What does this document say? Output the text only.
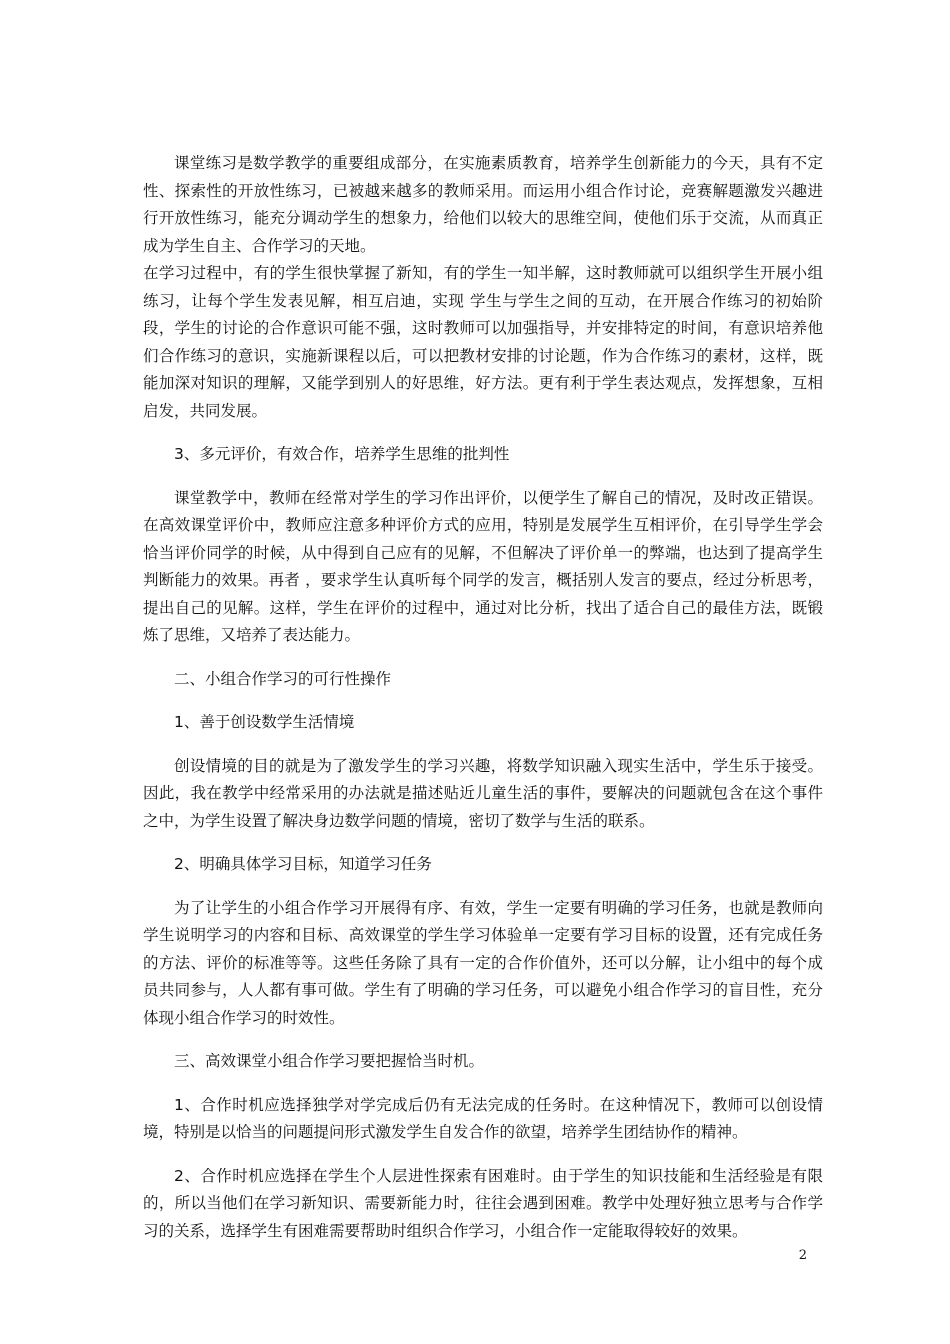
课堂练习是数学教学的重要组成部分，在实施素质教育，培养学生创新能力的今天，具有不定性、探索性的开放性练习，已被越来越多的教师采用。而运用小组合作讨论，竞赛解题激发兴趣进行开放性练习，能充分调动学生的想象力，给他们以较大的思维空间，使他们乐于交流，从而真正成为学生自主、合作学习的天地。

在学习过程中，有的学生很快掌握了新知，有的学生一知半解，这时教师就可以组织学生开展小组练习，让每个学生发表见解，相互启迪，实现 学生与学生之间的互动，在开展合作练习的初始阶段，学生的讨论的合作意识可能不强，这时教师可以加强指导，并安排特定的时间，有意识培养他们合作练习的意识，实施新课程以后，可以把教材安排的讨论题，作为合作练习的素材，这样，既能加深对知识的理解，又能学到别人的好思维，好方法。更有利于学生表达观点，发挥想象，互相启发，共同发展。

3、多元评价，有效合作，培养学生思维的批判性

课堂教学中，教师在经常对学生的学习作出评价，以便学生了解自己的情况，及时改正错误。在高效课堂评价中，教师应注意多种评价方式的应用，特别是发展学生互相评价，在引导学生学会恰当评价同学的时候，从中得到自己应有的见解，不但解决了评价单一的弊端，也达到了提高学生判断能力的效果。再者 ，要求学生认真听每个同学的发言，概括别人发言的要点，经过分析思考，提出自己的见解。这样，学生在评价的过程中，通过对比分析，找出了适合自己的最佳方法，既锻炼了思维，又培养了表达能力。

二、小组合作学习的可行性操作

1、善于创设数学生活情境

创设情境的目的就是为了激发学生的学习兴趣，将数学知识融入现实生活中，学生乐于接受。因此，我在教学中经常采用的办法就是描述贴近儿童生活的事件，要解决的问题就包含在这个事件之中，为学生设置了解决身边数学问题的情境，密切了数学与生活的联系。

2、明确具体学习目标，知道学习任务

为了让学生的小组合作学习开展得有序、有效，学生一定要有明确的学习任务，也就是教师向学生说明学习的内容和目标、高效课堂的学生学习体验单一定要有学习目标的设置，还有完成任务的方法、评价的标准等等。这些任务除了具有一定的合作价值外，还可以分解，让小组中的每个成员共同参与，人人都有事可做。学生有了明确的学习任务，可以避免小组合作学习的盲目性，充分体现小组合作学习的时效性。

三、高效课堂小组合作学习要把握恰当时机。

1、合作时机应选择独学对学完成后仍有无法完成的任务时。在这种情况下，教师可以创设情境，特别是以恰当的问题提问形式激发学生自发合作的欲望，培养学生团结协作的精神。

2、合作时机应选择在学生个人层进性探索有困难时。由于学生的知识技能和生活经验是有限的，所以当他们在学习新知识、需要新能力时，往往会遇到困难。教学中处理好独立思考与合作学习的关系，选择学生有困难需要帮助时组织合作学习，小组合作一定能取得较好的效果。

2
